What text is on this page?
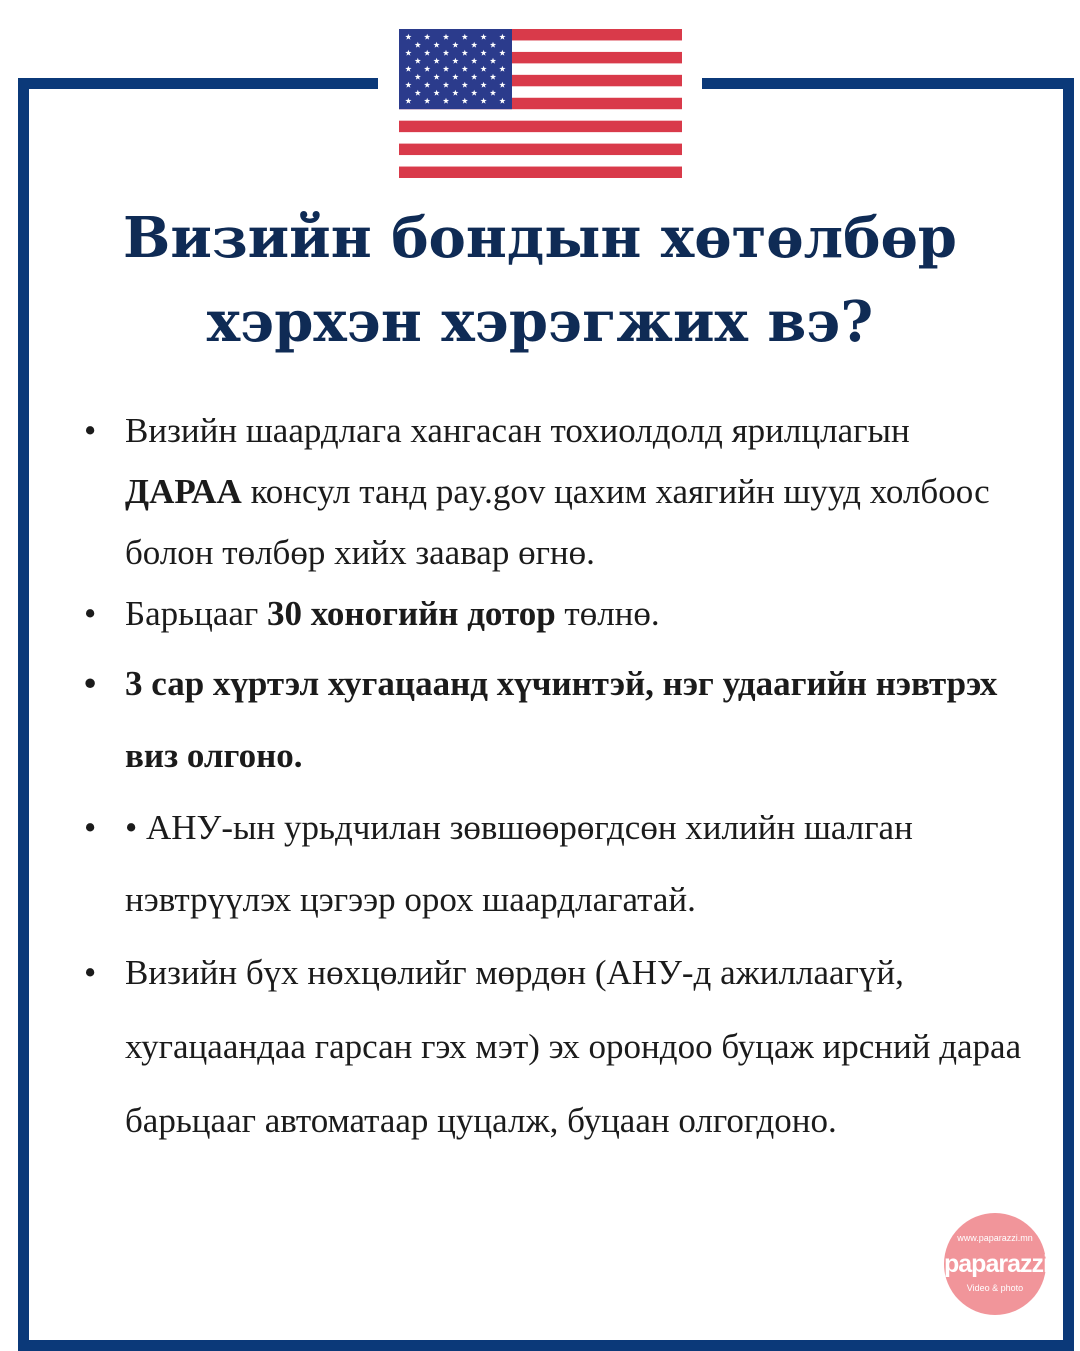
Визийн бондын хөтөлбөр
хэрхэн хэрэгжих вэ?
• Визийн шаардлага хангасан тохиолдолд ярилцлагын ДАРАА консул танд pay.gov цахим хаягийн шууд холбоос болон төлбөр хийх заавар өгнө.
• Барьцааг 30 хоногийн дотор төлнө.
• 3 сар хүртэл хугацаанд хүчинтэй, нэг удаагийн нэвтрэх виз олгоно.
• • АНУ-ын урьдчилан зөвшөөрөгдсөн хилийн шалган нэвтрүүлэх цэгээр орох шаардлагатай.
• Визийн бүх нөхцөлийг мөрдөн (АНУ-д ажиллаагүй, хугацаандаа гарсан гэх мэт) эх орондоо буцаж ирсний дараа барьцааг автоматаар цуцалж, буцаан олгогдоно.
www.paparazzi.mn
paparazzi
Video & photo
